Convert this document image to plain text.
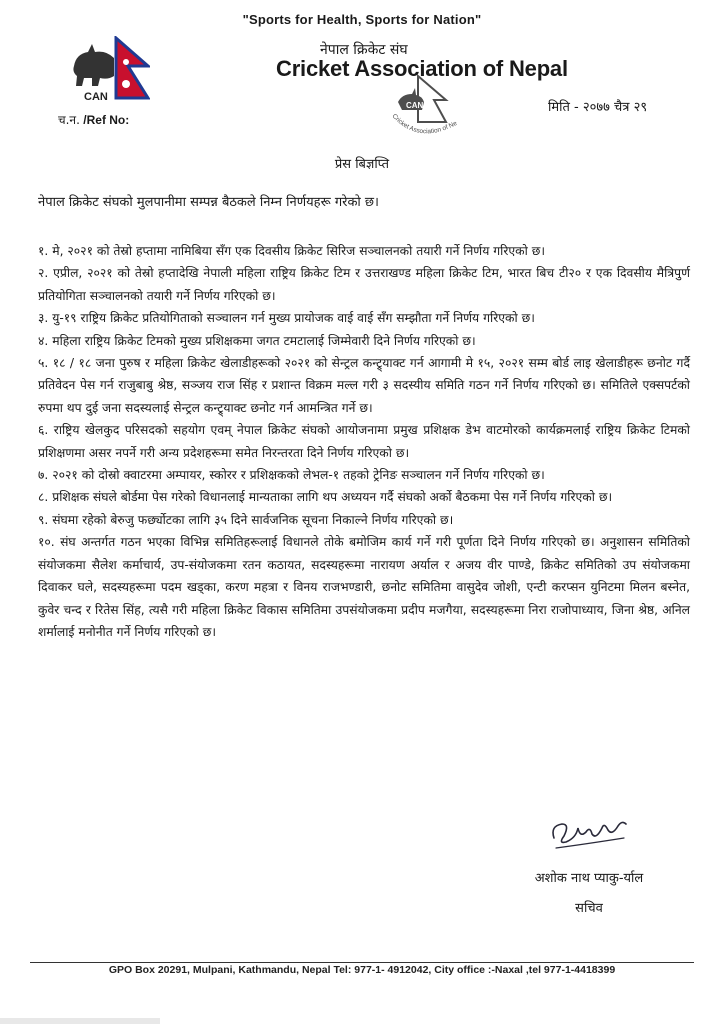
"Sports for Health, Sports for Nation"
CAN
नेपाल क्रिकेट संघ
Cricket Association of Nepal
च.न. /Ref No:
CAN
Cricket Association of Ne
मिति - २०७७ चैत्र २९
प्रेस बिज्ञप्ति
नेपाल क्रिकेट संघको मुलपानीमा सम्पन्न बैठकले निम्न निर्णयहरू गरेको छ।

१. मे, २०२१ को तेस्रो हप्तामा नामिबिया सँग एक दिवसीय क्रिकेट सिरिज सञ्चालनको तयारी गर्ने निर्णय गरिएको छ।

२. एप्रील, २०२१ को तेस्रो हप्तादेखि नेपाली महिला राष्ट्रिय क्रिकेट टिम र उत्तराखण्ड महिला क्रिकेट टिम, भारत बिच टी२० र एक दिवसीय मैत्रिपुर्ण प्रतियोगिता सञ्चालनको तयारी गर्ने निर्णय गरिएको छ।

३. यु-१९ राष्ट्रिय क्रिकेट प्रतियोगिताको सञ्चालन गर्न मुख्य प्रायोजक वाई वाई सँग सम्झौता गर्ने निर्णय गरिएको छ।

४. महिला राष्ट्रिय क्रिकेट टिमको मुख्य प्रशिक्षकमा जगत टमटालाई जिम्मेवारी दिने निर्णय गरिएको छ।

५. १८ / १८ जना पुरुष र महिला क्रिकेट खेलाडीहरूको २०२१ को सेन्ट्रल कन्ट्र्याक्ट गर्न आगामी मे १५, २०२१ सम्म बोर्ड लाइ खेलाडीहरू छनोट गर्दै प्रतिवेदन पेस गर्न राजुबाबु श्रेष्ठ, सञ्जय राज सिंह र प्रशान्त विक्रम मल्ल गरी ३ सदस्यीय समिति गठन गर्ने निर्णय गरिएको छ। समितिले एक्सपर्टको रुपमा थप दुई जना सदस्यलाई सेन्ट्रल कन्ट्र्याक्ट छनोट गर्न आमन्त्रित गर्ने छ।

६. राष्ट्रिय खेलकुद परिसदको सहयोग एवम् नेपाल क्रिकेट संघको आयोजनामा प्रमुख प्रशिक्षक डेभ वाटमोरको कार्यक्रमलाई राष्ट्रिय क्रिकेट टिमको प्रशिक्षणमा असर नपर्ने गरी अन्य प्रदेशहरूमा समेत निरन्तरता दिने निर्णय गरिएको छ।

७. २०२१ को दोस्रो क्वाटरमा अम्पायर, स्कोरर र प्रशिक्षकको लेभल-१ तहको ट्रेनिङ सञ्चालन गर्ने निर्णय गरिएको छ।

८. प्रशिक्षक संघले बोर्डमा पेस गरेको विधानलाई मान्यताका लागि थप अध्ययन गर्दै संघको अर्को बैठकमा पेस गर्ने निर्णय गरिएको छ।

९. संघमा रहेको बेरुजु फर्छ्योटका लागि ३५ दिने सार्वजनिक सूचना निकाल्ने निर्णय गरिएको छ।

१०. संघ अन्तर्गत गठन भएका विभिन्न समितिहरूलाई विधानले तोके बमोजिम कार्य गर्ने गरी पूर्णता दिने निर्णय गरिएको छ। अनुशासन समितिको संयोजकमा सैलेश कर्माचार्य, उप-संयोजकमा रतन कठायत, सदस्यहरूमा नारायण अर्याल र अजय वीर पाण्डे, क्रिकेट समितिको उप संयोजकमा दिवाकर घले, सदस्यहरूमा पदम खड्का, करण महत्रा र विनय राजभण्डारी, छनोट समितिमा वासुदेव जोशी, एन्टी करप्सन युनिटमा मिलन बस्नेत, कुवेर चन्द र रितेस सिंह, त्यसै गरी महिला क्रिकेट विकास समितिमा उपसंयोजकमा प्रदीप मजगैया, सदस्यहरूमा निरा राजोपाध्याय, जिना श्रेष्ठ, अनिल शर्मालाई मनोनीत गर्ने निर्णय गरिएको छ।

अशोक नाथ प्याकु-र्याल
सचिव
GPO Box 20291, Mulpani, Kathmandu, Nepal Tel: 977-1- 4912042, City office :-Naxal ,tel 977-1-4418399
